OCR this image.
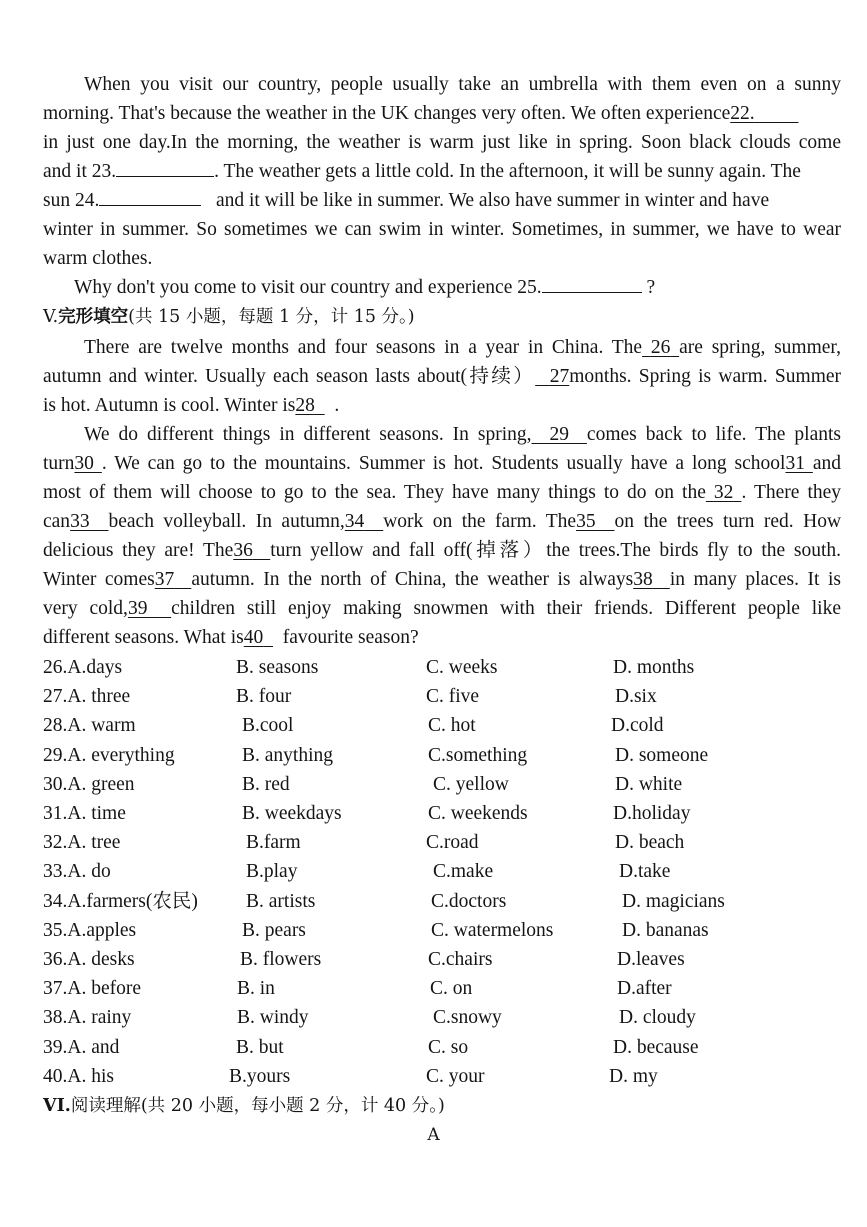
When you visit our country, people usually take an umbrella with them even on a sunny
morning. That's because the weather in the UK changes very often. We often experience22.
in just one day.In the morning, the weather is warm just like in spring. Soon black clouds come
and it 23.	. The weather gets a little cold. In the afternoon, it will be sunny again. The
sun 24.	and it will be like in summer. We also have summer in winter and have
winter in summer. So sometimes we can swim in winter. Sometimes, in summer, we have to wear
warm clothes.
Why don't you come to visit our country and experience 25.	?
V.完形填空(共 15 小题，每题 1 分，计 15 分。)
There are twelve months and four seasons in a year in China. The 26 are spring, summer,
autumn and winter. Usually each season lasts about(持续） 27months. Spring is warm. Summer
is hot. Autumn is cool. Winter is28 .
We do different things in different seasons. In spring, 29 comes back to life. The plants
turn30 . We can go to the mountains. Summer is hot. Students usually have a long school31 and
most of them will choose to go to the sea. They have many things to do on the 32 . There they
can33 beach volleyball. In autumn,34 work on the farm. The35 on the trees turn red. How
delicious they are! The36 turn yellow and fall off(掉落）the trees.The birds fly to the south.
Winter comes37 autumn. In the north of China, the weather is always38 in many places. It is
very cold,39 children still enjoy making snowmen with their friends. Different people like
different seasons. What is40 favourite season?
26.A.days	B. seasons	C. weeks	D. months
27.A. three	B. four	C. five	D.six
28.A. warm	B.cool	C. hot	D.cold
29.A. everything	B. anything	C.something	D. someone
30.A. green	B. red	C. yellow	D. white
31.A. time	B. weekdays	C. weekends	D.holiday
32.A. tree	B.farm	C.road	D. beach
33.A. do	B.play	C.make	D.take
34.A.farmers(农民) B. artists	C.doctors	D. magicians
35.A.apples	B. pears	C. watermelons	D. bananas
36.A. desks	B. flowers	C.chairs	D.leaves
37.A. before	B. in	C. on	D.after
38.A. rainy	B. windy	C.snowy	D. cloudy
39.A. and	B. but	C. so	D. because
40.A. his	B.yours	C. your	D. my
VI.阅读理解(共 20 小题，每小题 2 分，计 40 分。)
A
